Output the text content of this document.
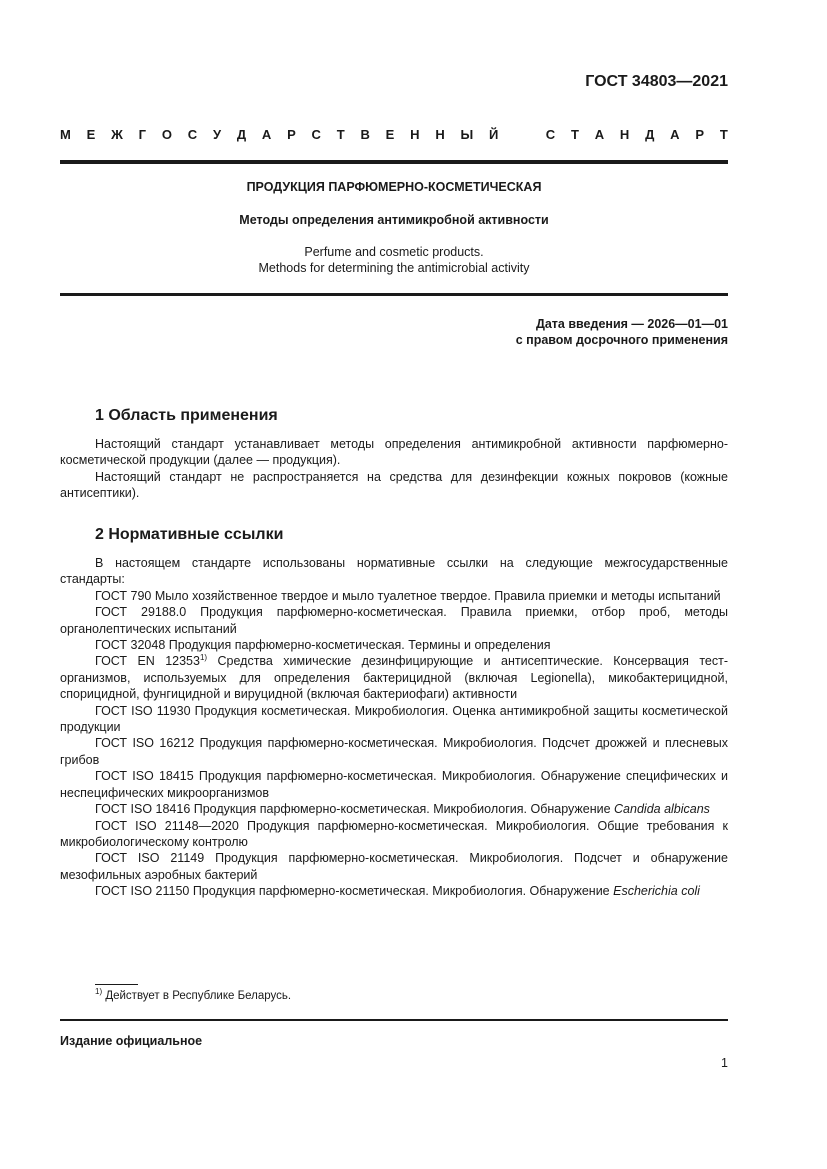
ГОСТ 34803—2021
М Е Ж Г О С У Д А Р С Т В Е Н Н Ы Й	С Т А Н Д А Р Т
ПРОДУКЦИЯ ПАРФЮМЕРНО-КОСМЕТИЧЕСКАЯ
Методы определения антимикробной активности
Perfume and cosmetic products.
Methods for determining the antimicrobial activity
Дата введения — 2026—01—01
с правом досрочного применения
1 Область применения

Настоящий стандарт устанавливает методы определения антимикробной активности парфюмерно-косметической продукции (далее — продукция).

Настоящий стандарт не распространяется на средства для дезинфекции кожных покровов (кожные антисептики).

2 Нормативные ссылки

В настоящем стандарте использованы нормативные ссылки на следующие межгосударственные стандарты:

ГОСТ 790 Мыло хозяйственное твердое и мыло туалетное твердое. Правила приемки и методы испытаний

ГОСТ 29188.0 Продукция парфюмерно-косметическая. Правила приемки, отбор проб, методы органолептических испытаний

ГОСТ 32048 Продукция парфюмерно-косметическая. Термины и определения

ГОСТ EN 12353$^{1)}$ Средства химические дезинфицирующие и антисептические. Консервация тест-организмов, используемых для определения бактерицидной (включая Legionella), микобактерицидной, спорицидной, фунгицидной и вируцидной (включая бактериофаги) активности

ГОСТ ISO 11930 Продукция косметическая. Микробиология. Оценка антимикробной защиты косметической продукции

ГОСТ ISO 16212 Продукция парфюмерно-косметическая. Микробиология. Подсчет дрожжей и плесневых грибов

ГОСТ ISO 18415 Продукция парфюмерно-косметическая. Микробиология. Обнаружение специфических и неспецифических микроорганизмов

ГОСТ ISO 18416 Продукция парфюмерно-косметическая. Микробиология. Обнаружение Candida albicans

ГОСТ ISO 21148—2020 Продукция парфюмерно-косметическая. Микробиология. Общие требования к микробиологическому контролю

ГОСТ ISO 21149 Продукция парфюмерно-косметическая. Микробиология. Подсчет и обнаружение мезофильных аэробных бактерий

ГОСТ ISO 21150 Продукция парфюмерно-косметическая. Микробиология. Обнаружение Escherichia coli

$^{1)}$ Действует в Республике Беларусь.
Издание официальное
1
